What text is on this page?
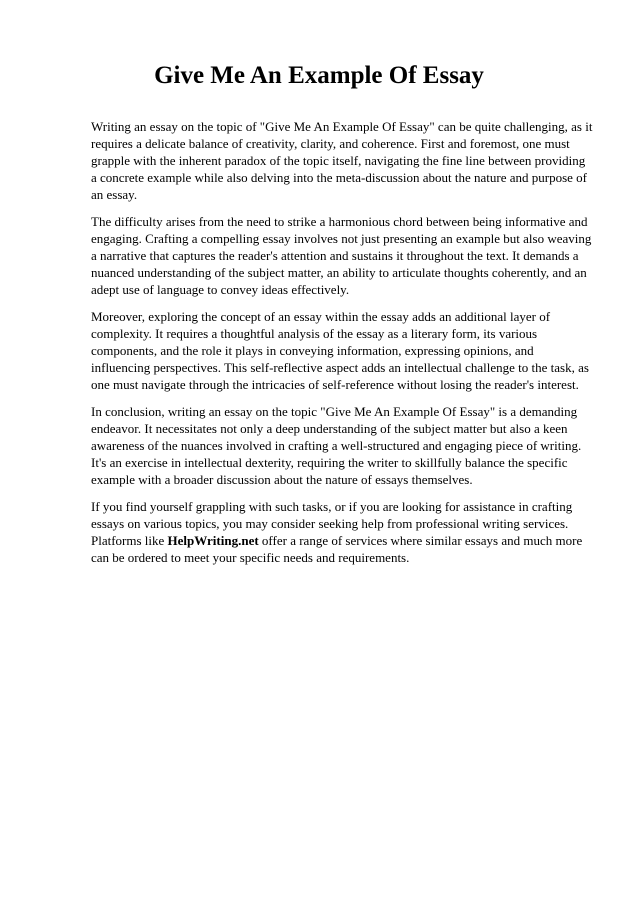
Give Me An Example Of Essay

Writing an essay on the topic of "Give Me An Example Of Essay" can be quite challenging, as it requires a delicate balance of creativity, clarity, and coherence. First and foremost, one must grapple with the inherent paradox of the topic itself, navigating the fine line between providing a concrete example while also delving into the meta-discussion about the nature and purpose of an essay.

The difficulty arises from the need to strike a harmonious chord between being informative and engaging. Crafting a compelling essay involves not just presenting an example but also weaving a narrative that captures the reader's attention and sustains it throughout the text. It demands a nuanced understanding of the subject matter, an ability to articulate thoughts coherently, and an adept use of language to convey ideas effectively.

Moreover, exploring the concept of an essay within the essay adds an additional layer of complexity. It requires a thoughtful analysis of the essay as a literary form, its various components, and the role it plays in conveying information, expressing opinions, and influencing perspectives. This self-reflective aspect adds an intellectual challenge to the task, as one must navigate through the intricacies of self-reference without losing the reader's interest.

In conclusion, writing an essay on the topic "Give Me An Example Of Essay" is a demanding endeavor. It necessitates not only a deep understanding of the subject matter but also a keen awareness of the nuances involved in crafting a well-structured and engaging piece of writing. It's an exercise in intellectual dexterity, requiring the writer to skillfully balance the specific example with a broader discussion about the nature of essays themselves.

If you find yourself grappling with such tasks, or if you are looking for assistance in crafting essays on various topics, you may consider seeking help from professional writing services. Platforms like HelpWriting.net offer a range of services where similar essays and much more can be ordered to meet your specific needs and requirements.
